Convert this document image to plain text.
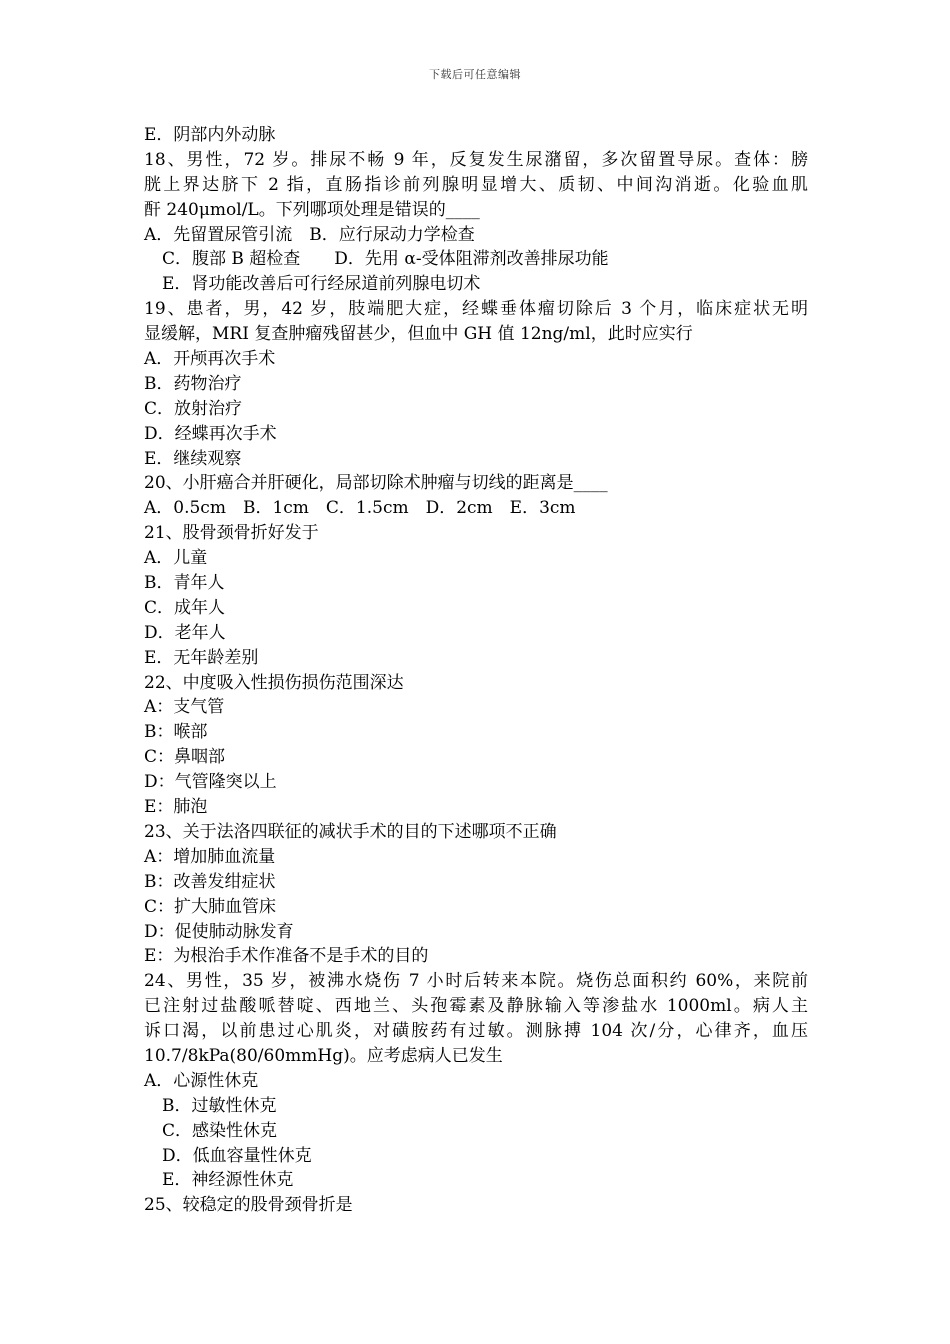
下载后可任意编辑
E．阴部内外动脉
18、男性，72 岁。排尿不畅 9 年，反复发生尿潴留，多次留置导尿。查体：膀
胱上界达脐下 2 指，直肠指诊前列腺明显增大、质韧、中间沟消逝。化验血肌
酐 240μmol/L。下列哪项处理是错误的____
A．先留置尿管引流　B．应行尿动力学检查
C．腹部 B 超检查　　D．先用 α-受体阻滞剂改善排尿功能
E．肾功能改善后可行经尿道前列腺电切术
19、患者，男，42 岁，肢端肥大症，经蝶垂体瘤切除后 3 个月，临床症状无明
显缓解，MRI 复查肿瘤残留甚少，但血中 GH 值 12ng/ml，此时应实行
A．开颅再次手术
B．药物治疗
C．放射治疗
D．经蝶再次手术
E．继续观察
20、小肝癌合并肝硬化，局部切除术肿瘤与切线的距离是____
A．0.5cm　B．1cm　C．1.5cm　D．2cm　E．3cm
21、股骨颈骨折好发于
A．儿童
B．青年人
C．成年人
D．老年人
E．无年龄差别
22、中度吸入性损伤损伤范围深达
A：支气管
B：喉部
C：鼻咽部
D：气管隆突以上
E：肺泡
23、关于法洛四联征的减状手术的目的下述哪项不正确
A：增加肺血流量
B：改善发绀症状
C：扩大肺血管床
D：促使肺动脉发育
E：为根治手术作准备不是手术的目的
24、男性，35 岁，被沸水烧伤 7 小时后转来本院。烧伤总面积约 60%，来院前
已注射过盐酸哌替啶、西地兰、头孢霉素及静脉输入等渗盐水 1000ml。病人主
诉口渴，以前患过心肌炎，对磺胺药有过敏。测脉搏 104 次/分，心律齐，血压
10.7/8kPa(80/60mmHg)。应考虑病人已发生
A．心源性休克
B．过敏性休克
C．感染性休克
D．低血容量性休克
E．神经源性休克
25、较稳定的股骨颈骨折是
